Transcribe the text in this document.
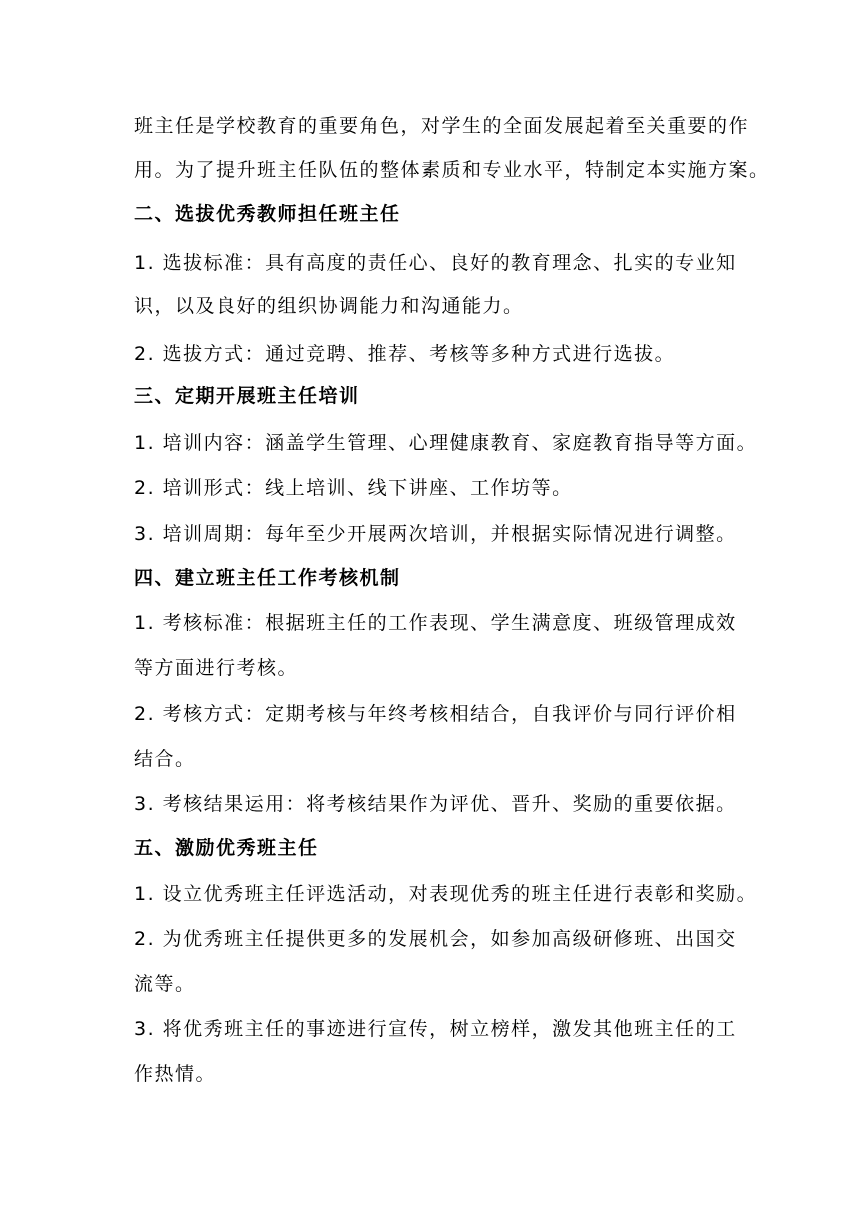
班主任是学校教育的重要角色，对学生的全面发展起着至关重要的作
用。为了提升班主任队伍的整体素质和专业水平，特制定本实施方案。
二、选拔优秀教师担任班主任
1. 选拔标准：具有高度的责任心、良好的教育理念、扎实的专业知
识，以及良好的组织协调能力和沟通能力。
2. 选拔方式：通过竞聘、推荐、考核等多种方式进行选拔。
三、定期开展班主任培训
1. 培训内容：涵盖学生管理、心理健康教育、家庭教育指导等方面。
2. 培训形式：线上培训、线下讲座、工作坊等。
3. 培训周期：每年至少开展两次培训，并根据实际情况进行调整。
四、建立班主任工作考核机制
1. 考核标准：根据班主任的工作表现、学生满意度、班级管理成效
等方面进行考核。
2. 考核方式：定期考核与年终考核相结合，自我评价与同行评价相
结合。
3. 考核结果运用：将考核结果作为评优、晋升、奖励的重要依据。
五、激励优秀班主任
1. 设立优秀班主任评选活动，对表现优秀的班主任进行表彰和奖励。
2. 为优秀班主任提供更多的发展机会，如参加高级研修班、出国交
流等。
3. 将优秀班主任的事迹进行宣传，树立榜样，激发其他班主任的工
作热情。
